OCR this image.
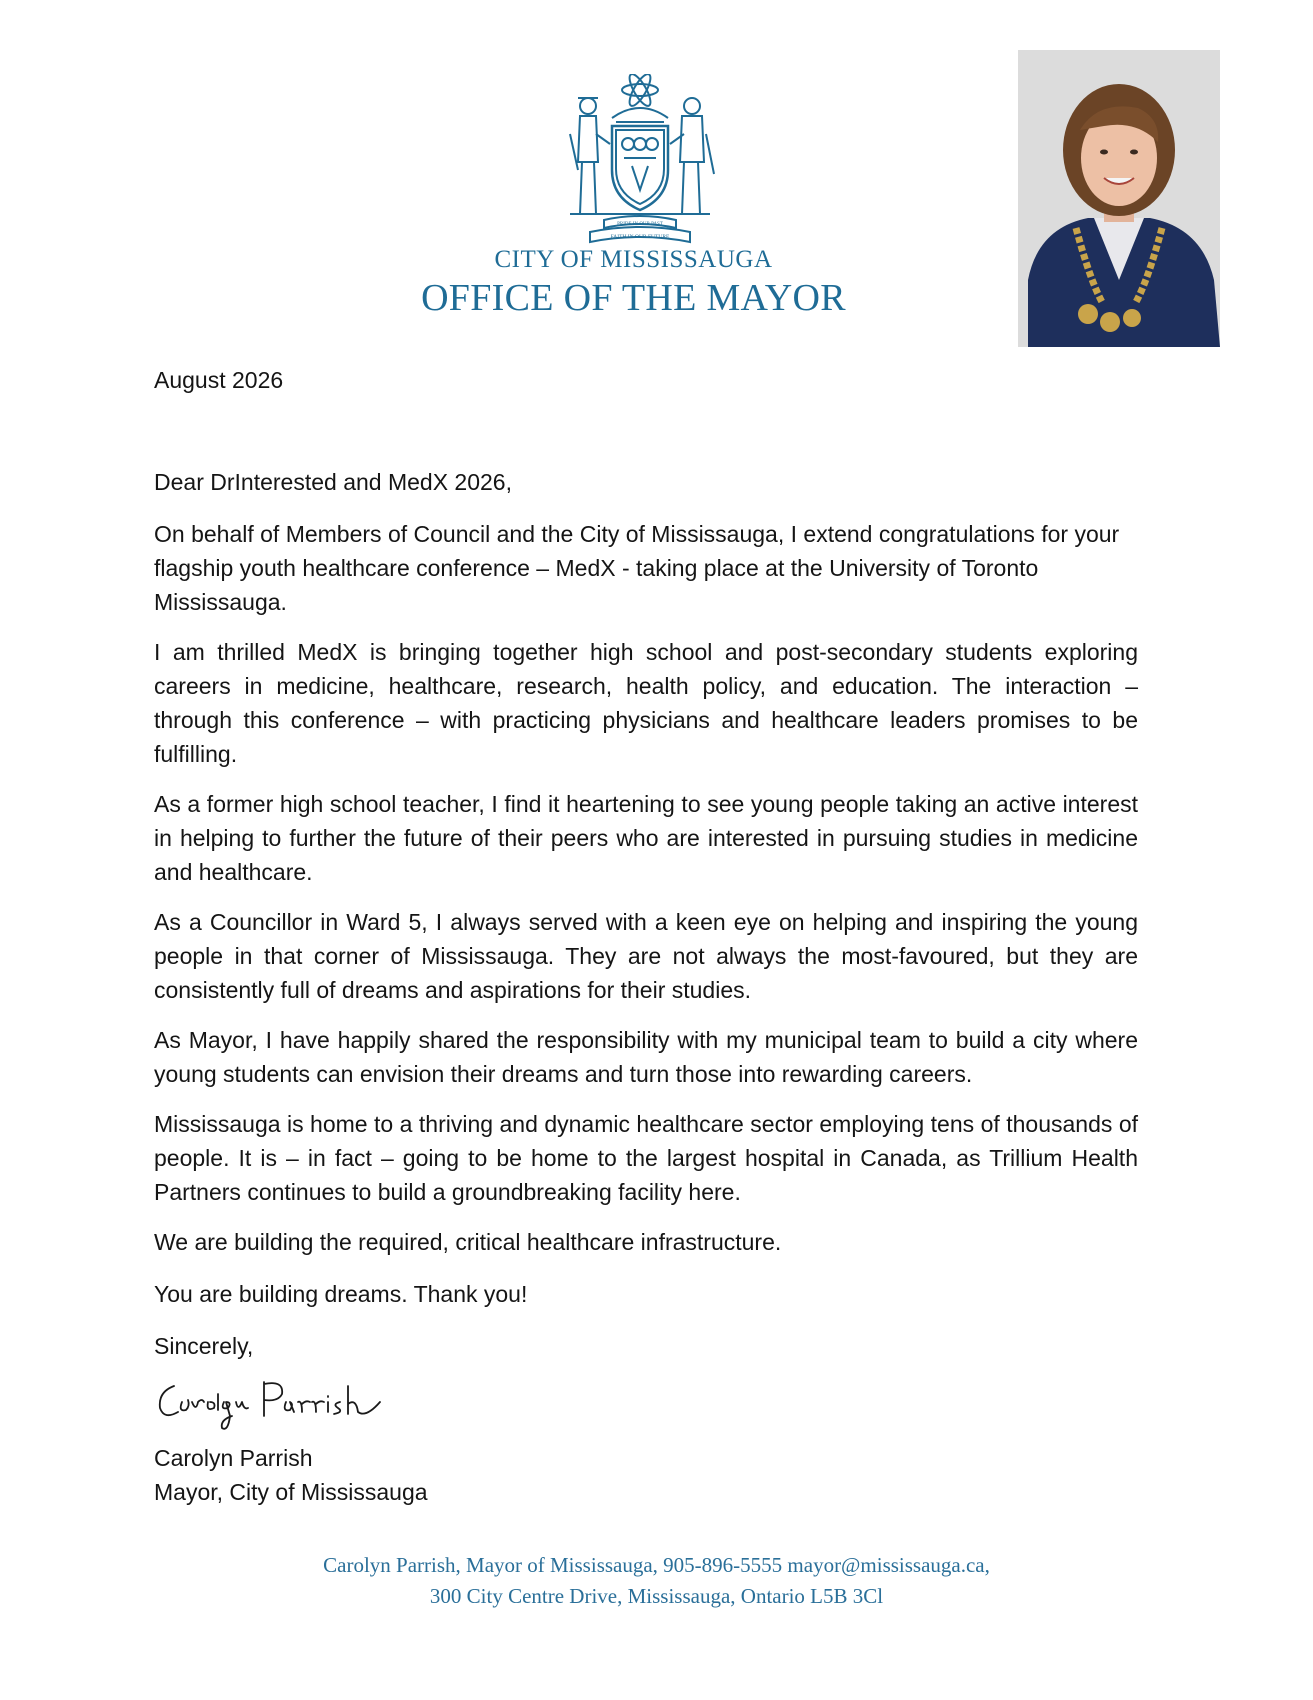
PRIDE IN OUR PAST
FAITH IN OUR FUTURE
CITY OF MISSISSAUGA
OFFICE OF THE MAYOR
August 2026
Dear DrInterested and MedX 2026,
On behalf of Members of Council and the City of Mississauga, I extend congratulations for your flagship youth healthcare conference – MedX - taking place at the University of Toronto Mississauga.
I am thrilled MedX is bringing together high school and post-secondary students exploring careers in medicine, healthcare, research, health policy, and education. The interaction – through this conference – with practicing physicians and healthcare leaders promises to be fulfilling.
As a former high school teacher, I find it heartening to see young people taking an active interest in helping to further the future of their peers who are interested in pursuing studies in medicine and healthcare.
As a Councillor in Ward 5, I always served with a keen eye on helping and inspiring the young people in that corner of Mississauga. They are not always the most-favoured, but they are consistently full of dreams and aspirations for their studies.
As Mayor, I have happily shared the responsibility with my municipal team to build a city where young students can envision their dreams and turn those into rewarding careers.
Mississauga is home to a thriving and dynamic healthcare sector employing tens of thousands of people. It is – in fact – going to be home to the largest hospital in Canada, as Trillium Health Partners continues to build a groundbreaking facility here.
We are building the required, critical healthcare infrastructure.
You are building dreams. Thank you!
Sincerely,
Carolyn Parrish
Mayor, City of Mississauga
Carolyn Parrish, Mayor of Mississauga, 905-896-5555 mayor@mississauga.ca,
300 City Centre Drive, Mississauga, Ontario L5B 3Cl
